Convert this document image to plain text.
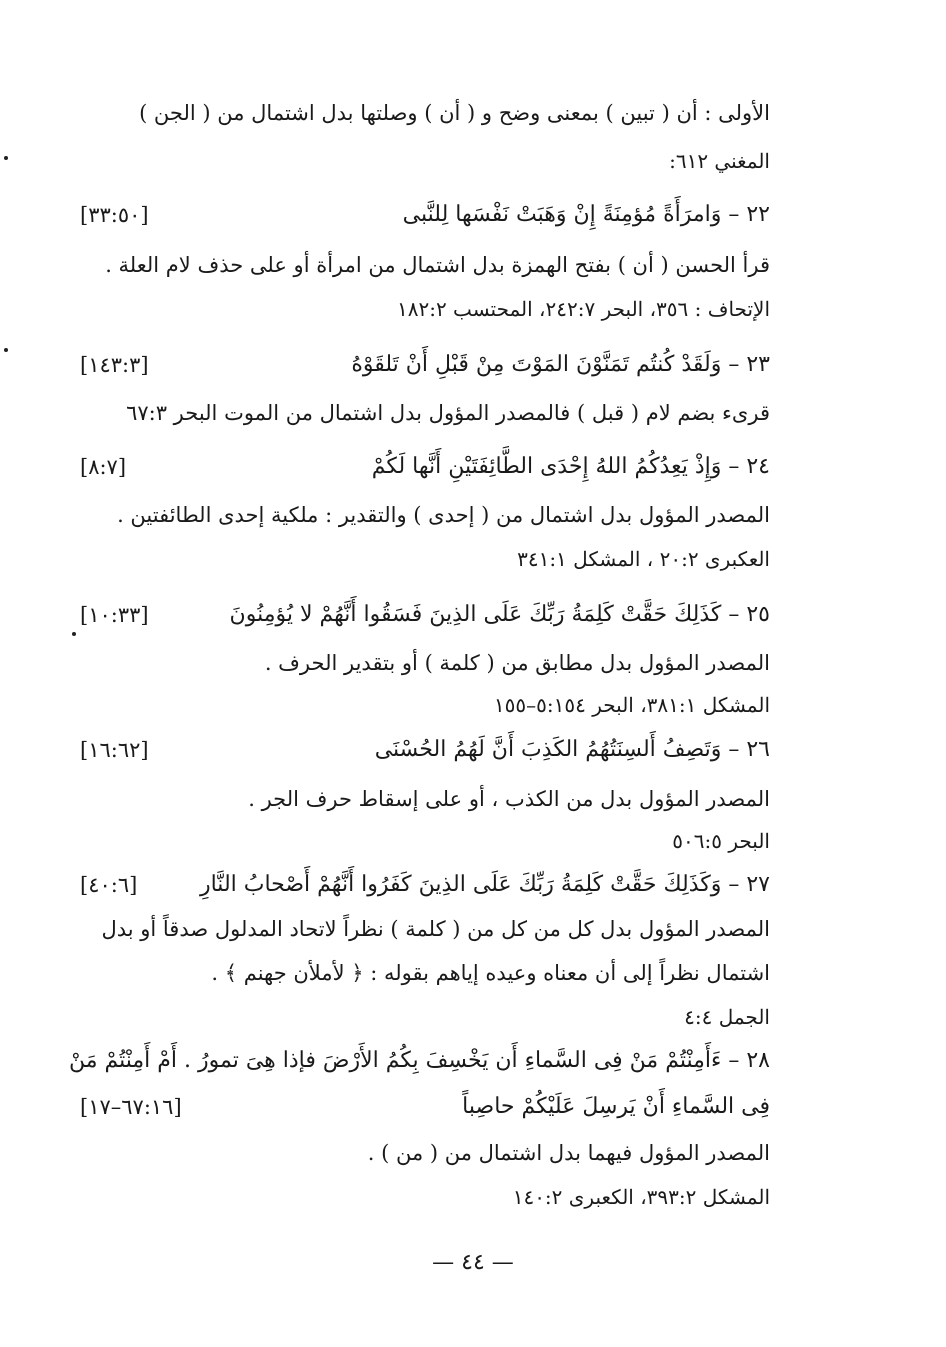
الأولى : أن ( تبين ) بمعنى وضح و ( أن ) وصلتها بدل اشتمال من ( الجن )
المغني ٦١٢:
٢٢ – وَامرَأَةً مُؤمِنَةً إِنْ وَهَبَتْ نَفْسَها لِلنَّبى
[٣٣:٥٠]
قرأ الحسن ( أن ) بفتح الهمزة بدل اشتمال من امرأة أو على حذف لام العلة .
الإتحاف : ٣٥٦، البحر ٢٤٢:٧، المحتسب ١٨٢:٢
٢٣ – وَلَقَدْ كُنتُم تَمَنَّوْنَ المَوْتَ مِنْ قَبْلِ أَنْ تَلقَوْهُ
[١٤٣:٣]
قرىء بضم لام ( قبل ) فالمصدر المؤول بدل اشتمال من الموت البحر ٦٧:٣
٢٤ – وَإِذْ يَعِدُكُمُ اللهُ إِحْدَى الطَّائِفَتَيْنِ أَنَّها لَكُمْ
[٨:٧]
المصدر المؤول بدل اشتمال من ( إحدى ) والتقدير : ملكية إحدى الطائفتين .
العكبرى ٢٠:٢ ، المشكل ٣٤١:١
٢٥ – كَذَلِكَ حَقَّتْ كَلِمَةُ رَبِّكَ عَلَى الذِينَ فَسَقُوا أَنَّهُمْ لا يُؤمِنُونَ
[١٠:٣٣]
المصدر المؤول بدل مطابق من ( كلمة ) أو بتقدير الحرف .
المشكل ٣٨١:١، البحر ٥:١٥٤–١٥٥
٢٦ – وَتَصِفُ أَلسِنَتُهُمُ الكَذِبَ أَنَّ لَهُمُ الحُسْنَى
[١٦:٦٢]
المصدر المؤول بدل من الكذب ، أو على إسقاط حرف الجر .
البحر ٥٠٦:٥
٢٧ – وَكَذَلِكَ حَقَّتْ كَلِمَةُ رَبِّكَ عَلَى الذِينَ كَفَرُوا أَنَّهُمْ أَصْحابُ النَّارِ
[٤٠:٦]
المصدر المؤول بدل كل من كل من ( كلمة ) نظراً لاتحاد المدلول صدقاً أو بدل
اشتمال نظراً إلى أن معناه وعيده إياهم بقوله : ﴿ لأملأن جهنم ﴾ .
الجمل ٤:٤
٢٨ – ءَأَمِنْتُمْ مَنْ فِى السَّماءِ أَن يَخْسِفَ بِكُمُ الأَرْضَ فإذا هِىَ تمورُ . أَمْ أَمِنْتُمْ مَنْ
فِى السَّماءِ أَنْ يَرسِلَ عَلَيْكُمْ حاصِباً
[٦٧:١٦–١٧]
المصدر المؤول فيهما بدل اشتمال من ( من ) .
المشكل ٣٩٣:٢، الكعبرى ١٤٠:٢
— ٤٤ —
